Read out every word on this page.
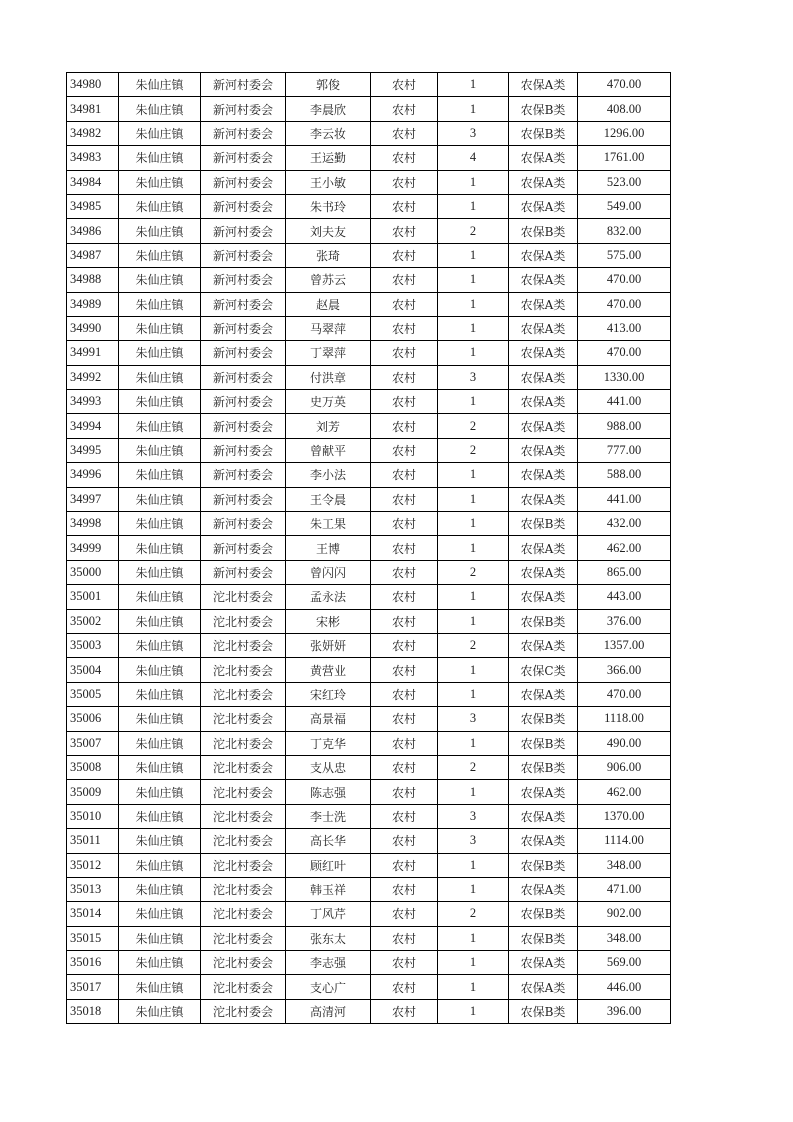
34980	朱仙庄镇	新河村委会	郭俊	农村	1	农保A类	470.00
34981	朱仙庄镇	新河村委会	李晨欣	农村	1	农保B类	408.00
34982	朱仙庄镇	新河村委会	李云妆	农村	3	农保B类	1296.00
34983	朱仙庄镇	新河村委会	王运勤	农村	4	农保A类	1761.00
34984	朱仙庄镇	新河村委会	王小敏	农村	1	农保A类	523.00
34985	朱仙庄镇	新河村委会	朱书玲	农村	1	农保A类	549.00
34986	朱仙庄镇	新河村委会	刘夫友	农村	2	农保B类	832.00
34987	朱仙庄镇	新河村委会	张琦	农村	1	农保A类	575.00
34988	朱仙庄镇	新河村委会	曾苏云	农村	1	农保A类	470.00
34989	朱仙庄镇	新河村委会	赵晨	农村	1	农保A类	470.00
34990	朱仙庄镇	新河村委会	马翠萍	农村	1	农保A类	413.00
34991	朱仙庄镇	新河村委会	丁翠萍	农村	1	农保A类	470.00
34992	朱仙庄镇	新河村委会	付洪章	农村	3	农保A类	1330.00
34993	朱仙庄镇	新河村委会	史万英	农村	1	农保A类	441.00
34994	朱仙庄镇	新河村委会	刘芳	农村	2	农保A类	988.00
34995	朱仙庄镇	新河村委会	曾献平	农村	2	农保A类	777.00
34996	朱仙庄镇	新河村委会	李小法	农村	1	农保A类	588.00
34997	朱仙庄镇	新河村委会	王令晨	农村	1	农保A类	441.00
34998	朱仙庄镇	新河村委会	朱工果	农村	1	农保B类	432.00
34999	朱仙庄镇	新河村委会	王博	农村	1	农保A类	462.00
35000	朱仙庄镇	新河村委会	曾闪闪	农村	2	农保A类	865.00
35001	朱仙庄镇	沱北村委会	孟永法	农村	1	农保A类	443.00
35002	朱仙庄镇	沱北村委会	宋彬	农村	1	农保B类	376.00
35003	朱仙庄镇	沱北村委会	张妍妍	农村	2	农保A类	1357.00
35004	朱仙庄镇	沱北村委会	黄营业	农村	1	农保C类	366.00
35005	朱仙庄镇	沱北村委会	宋红玲	农村	1	农保A类	470.00
35006	朱仙庄镇	沱北村委会	高景福	农村	3	农保B类	1118.00
35007	朱仙庄镇	沱北村委会	丁克华	农村	1	农保B类	490.00
35008	朱仙庄镇	沱北村委会	支从忠	农村	2	农保B类	906.00
35009	朱仙庄镇	沱北村委会	陈志强	农村	1	农保A类	462.00
35010	朱仙庄镇	沱北村委会	李士洗	农村	3	农保A类	1370.00
35011	朱仙庄镇	沱北村委会	高长华	农村	3	农保A类	1114.00
35012	朱仙庄镇	沱北村委会	顾红叶	农村	1	农保B类	348.00
35013	朱仙庄镇	沱北村委会	韩玉祥	农村	1	农保A类	471.00
35014	朱仙庄镇	沱北村委会	丁风芹	农村	2	农保B类	902.00
35015	朱仙庄镇	沱北村委会	张东太	农村	1	农保B类	348.00
35016	朱仙庄镇	沱北村委会	李志强	农村	1	农保A类	569.00
35017	朱仙庄镇	沱北村委会	支心广	农村	1	农保A类	446.00
35018	朱仙庄镇	沱北村委会	高清河	农村	1	农保B类	396.00
